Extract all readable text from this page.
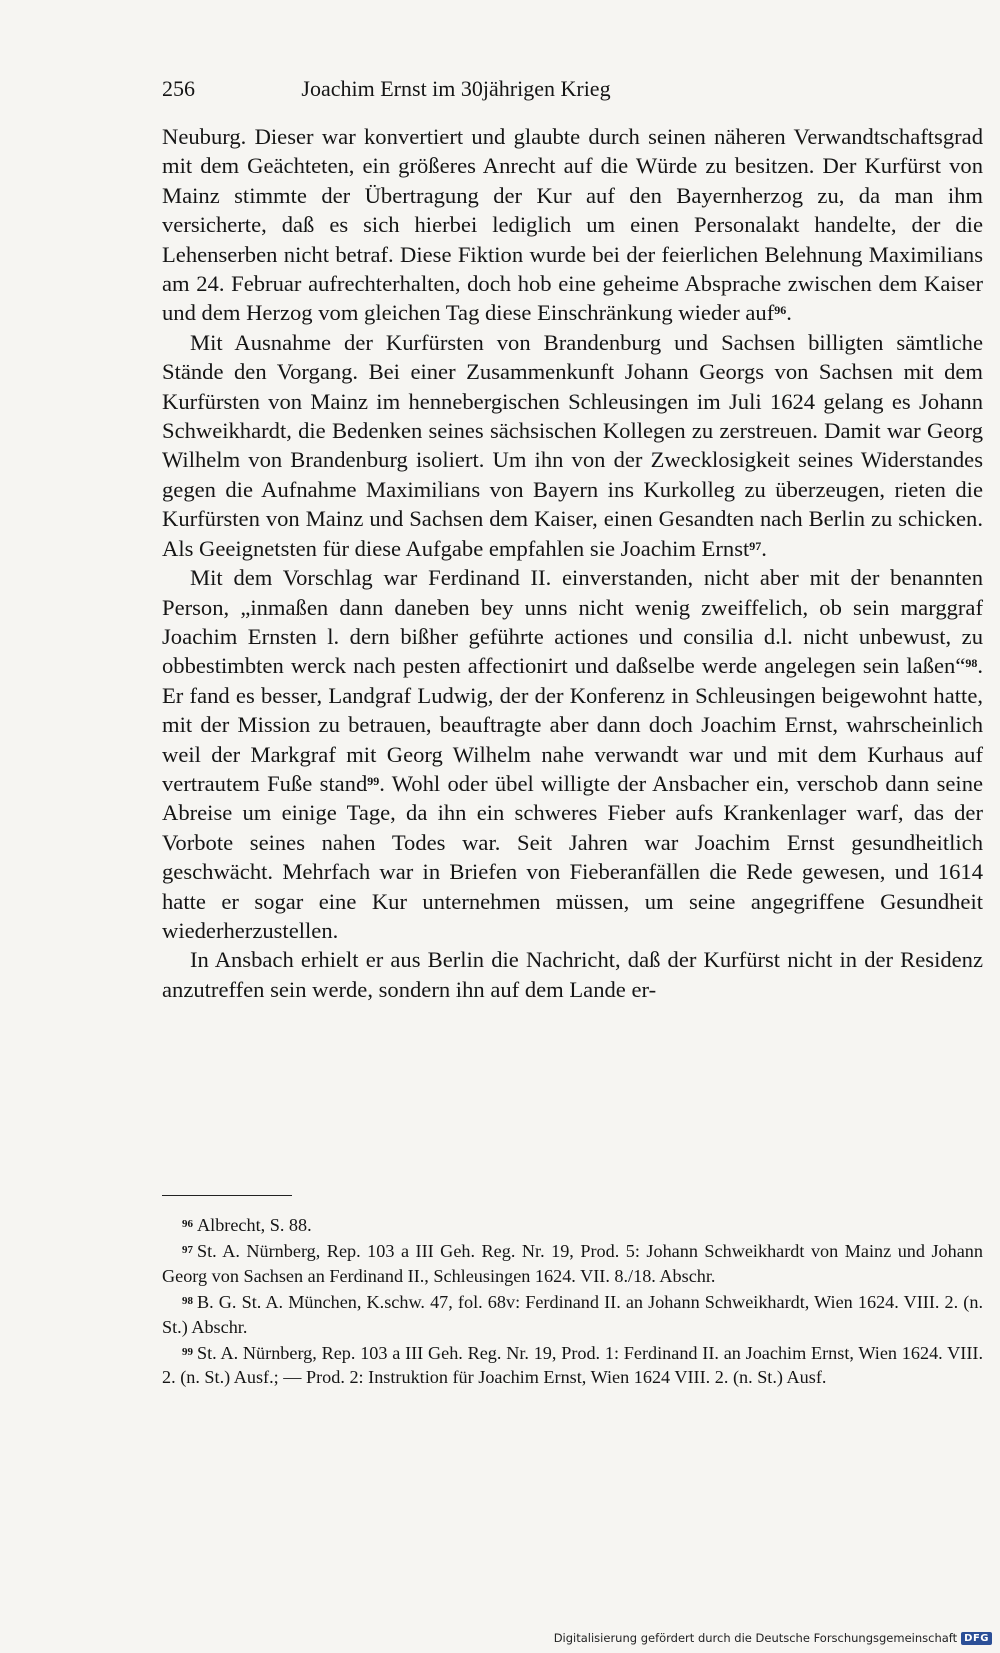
256	Joachim Ernst im 30jährigen Krieg

Neuburg. Dieser war konvertiert und glaubte durch seinen näheren Verwandtschaftsgrad mit dem Geächteten, ein größeres Anrecht auf die Würde zu besitzen. Der Kurfürst von Mainz stimmte der Übertragung der Kur auf den Bayernherzog zu, da man ihm versicherte, daß es sich hierbei lediglich um einen Personalakt handelte, der die Lehenserben nicht betraf. Diese Fiktion wurde bei der feierlichen Belehnung Maximilians am 24. Februar aufrechterhalten, doch hob eine geheime Absprache zwischen dem Kaiser und dem Herzog vom gleichen Tag diese Einschränkung wieder auf$^{96}$.

Mit Ausnahme der Kurfürsten von Brandenburg und Sachsen billigten sämtliche Stände den Vorgang. Bei einer Zusammenkunft Johann Georgs von Sachsen mit dem Kurfürsten von Mainz im hennebergischen Schleusingen im Juli 1624 gelang es Johann Schweikhardt, die Bedenken seines sächsischen Kollegen zu zerstreuen. Damit war Georg Wilhelm von Brandenburg isoliert. Um ihn von der Zwecklosigkeit seines Widerstandes gegen die Aufnahme Maximilians von Bayern ins Kurkolleg zu überzeugen, rieten die Kurfürsten von Mainz und Sachsen dem Kaiser, einen Gesandten nach Berlin zu schicken. Als Geeignetsten für diese Aufgabe empfahlen sie Joachim Ernst$^{97}$.

Mit dem Vorschlag war Ferdinand II. einverstanden, nicht aber mit der benannten Person, „inmaßen dann daneben bey unns nicht wenig zweiffelich, ob sein marggraf Joachim Ernsten l. dern bißher geführte actiones und consilia d.l. nicht unbewust, zu obbestimbten werck nach pesten affectionirt und daßselbe werde angelegen sein laßen“$^{98}$. Er fand es besser, Landgraf Ludwig, der der Konferenz in Schleusingen beigewohnt hatte, mit der Mission zu betrauen, beauftragte aber dann doch Joachim Ernst, wahrscheinlich weil der Markgraf mit Georg Wilhelm nahe verwandt war und mit dem Kurhaus auf vertrautem Fuße stand$^{99}$. Wohl oder übel willigte der Ansbacher ein, verschob dann seine Abreise um einige Tage, da ihn ein schweres Fieber aufs Krankenlager warf, das der Vorbote seines nahen Todes war. Seit Jahren war Joachim Ernst gesundheitlich geschwächt. Mehrfach war in Briefen von Fieberanfällen die Rede gewesen, und 1614 hatte er sogar eine Kur unternehmen müssen, um seine angegriffene Gesundheit wiederherzustellen.

In Ansbach erhielt er aus Berlin die Nachricht, daß der Kurfürst nicht in der Residenz anzutreffen sein werde, sondern ihn auf dem Lande er-

$^{96}$ Albrecht, S. 88.

$^{97}$ St. A. Nürnberg, Rep. 103 a III Geh. Reg. Nr. 19, Prod. 5: Johann Schweikhardt von Mainz und Johann Georg von Sachsen an Ferdinand II., Schleusingen 1624. VII. 8./18. Abschr.

$^{98}$ B. G. St. A. München, K.schw. 47, fol. 68v: Ferdinand II. an Johann Schweikhardt, Wien 1624. VIII. 2. (n. St.) Abschr.

$^{99}$ St. A. Nürnberg, Rep. 103 a III Geh. Reg. Nr. 19, Prod. 1: Ferdinand II. an Joachim Ernst, Wien 1624. VIII. 2. (n. St.) Ausf.; — Prod. 2: Instruktion für Joachim Ernst, Wien 1624 VIII. 2. (n. St.) Ausf.

Digitalisierung gefördert durch die Deutsche Forschungsgemeinschaft DFG
